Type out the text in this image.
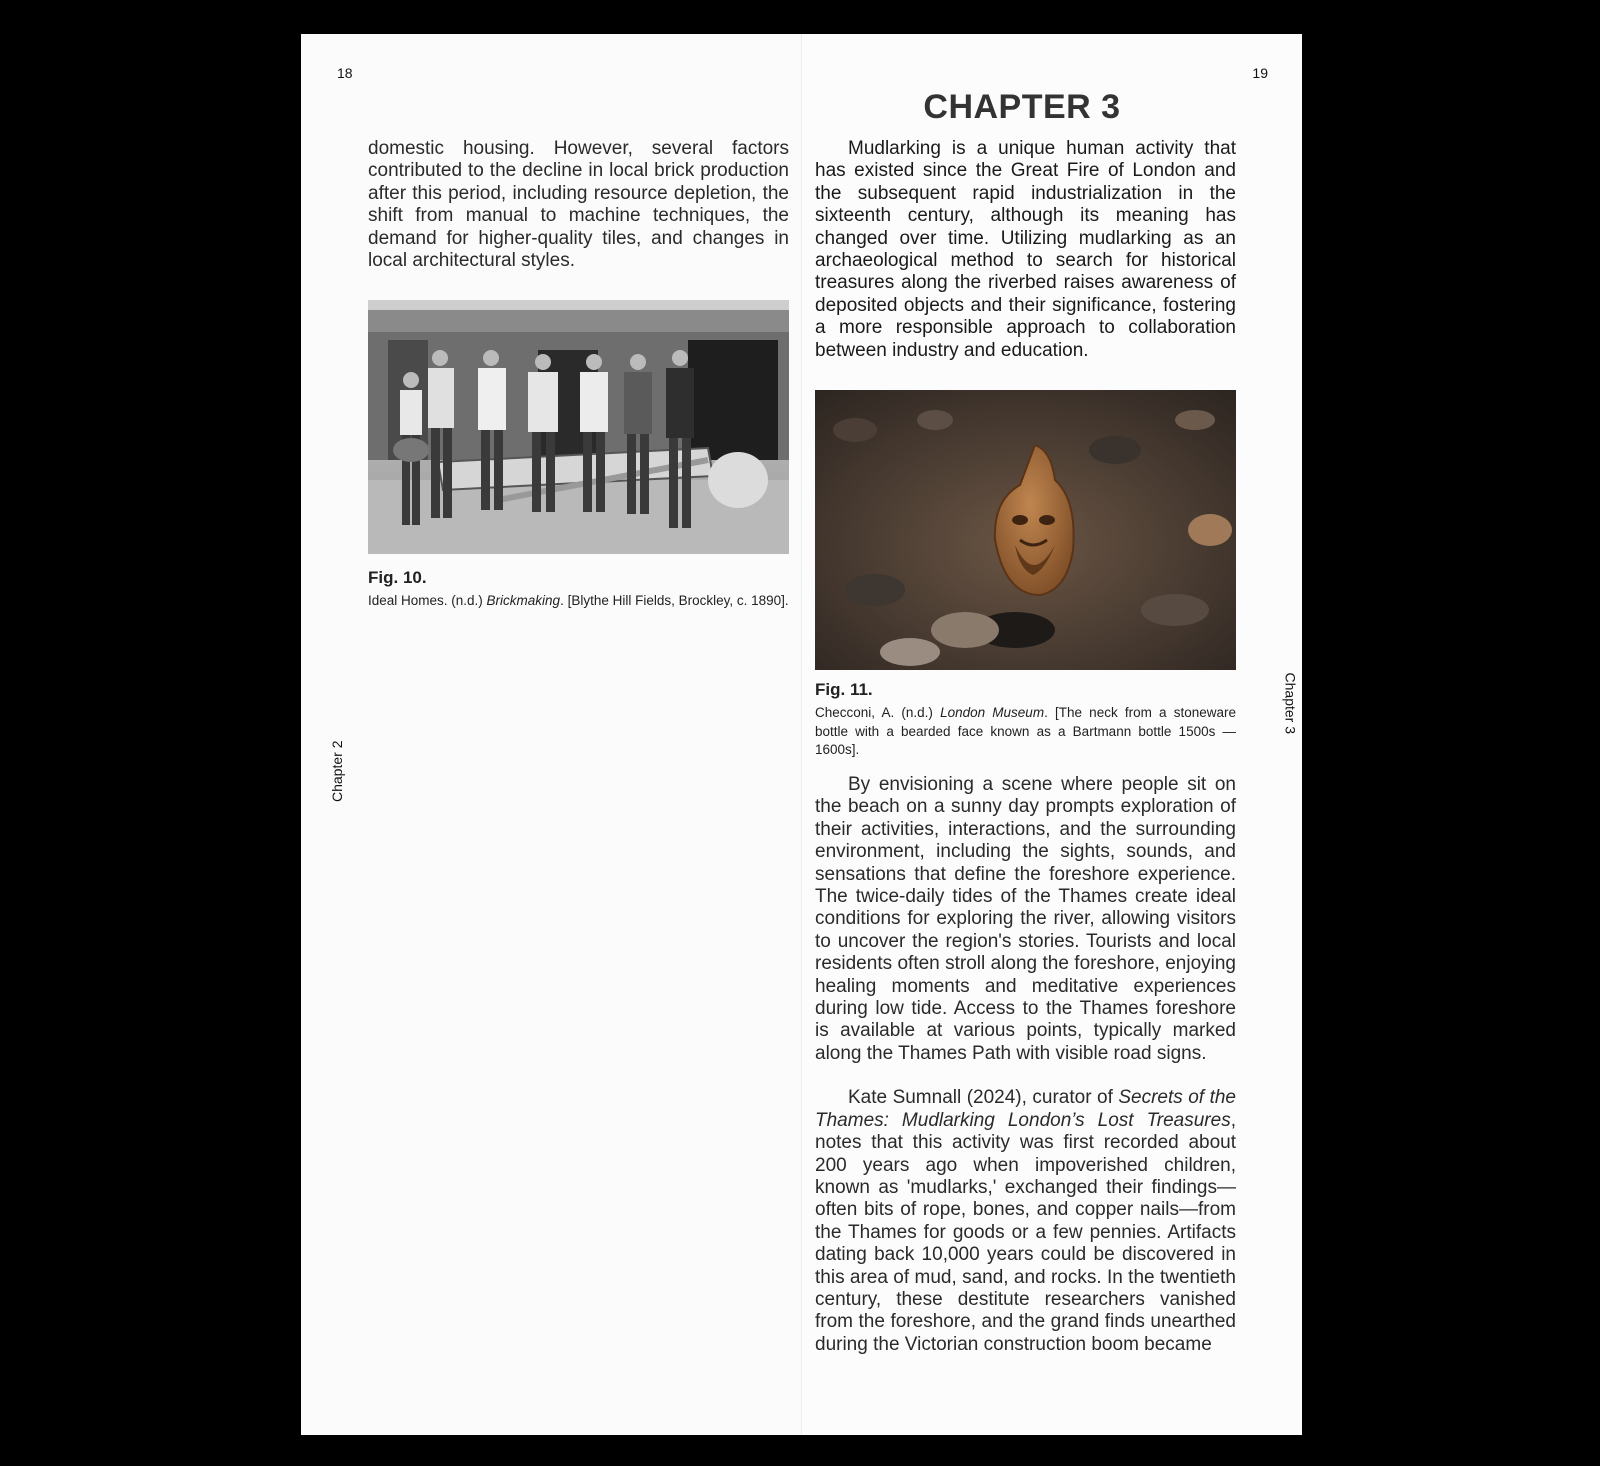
18

domestic housing. However, several factors contributed to the decline in local brick production after this period, including resource depletion, the shift from manual to machine techniques, the demand for higher-quality tiles, and changes in local architectural styles.

Fig. 10.

Ideal Homes. (n.d.) Brickmaking. [Blythe Hill Fields, Brockley, c. 1890].

Chapter 2
19
CHAPTER 3

Mudlarking is a unique human activity that has existed since the Great Fire of London and the subsequent rapid industrialization in the sixteenth century, although its meaning has changed over time. Utilizing mudlarking as an archaeological method to search for historical treasures along the riverbed raises awareness of deposited objects and their significance, fostering a more responsible approach to collaboration between industry and education.

Fig. 11.

Checconi, A. (n.d.) London Museum. [The neck from a stoneware bottle with a bearded face known as a Bartmann bottle 1500s — 1600s].

By envisioning a scene where people sit on the beach on a sunny day prompts exploration of their activities, interactions, and the surrounding environment, including the sights, sounds, and sensations that define the foreshore experience. The twice-daily tides of the Thames create ideal conditions for exploring the river, allowing visitors to uncover the region's stories. Tourists and local residents often stroll along the foreshore, enjoying healing moments and meditative experiences during low tide. Access to the Thames foreshore is available at various points, typically marked along the Thames Path with visible road signs.

Kate Sumnall (2024), curator of Secrets of the Thames: Mudlarking London’s Lost Treasures, notes that this activity was first recorded about 200 years ago when impoverished children, known as 'mudlarks,' exchanged their findings—often bits of rope, bones, and copper nails—from the Thames for goods or a few pennies. Artifacts dating back 10,000 years could be discovered in this area of mud, sand, and rocks. In the twentieth century, these destitute researchers vanished from the foreshore, and the grand finds unearthed during the Victorian construction boom became

Chapter 3
